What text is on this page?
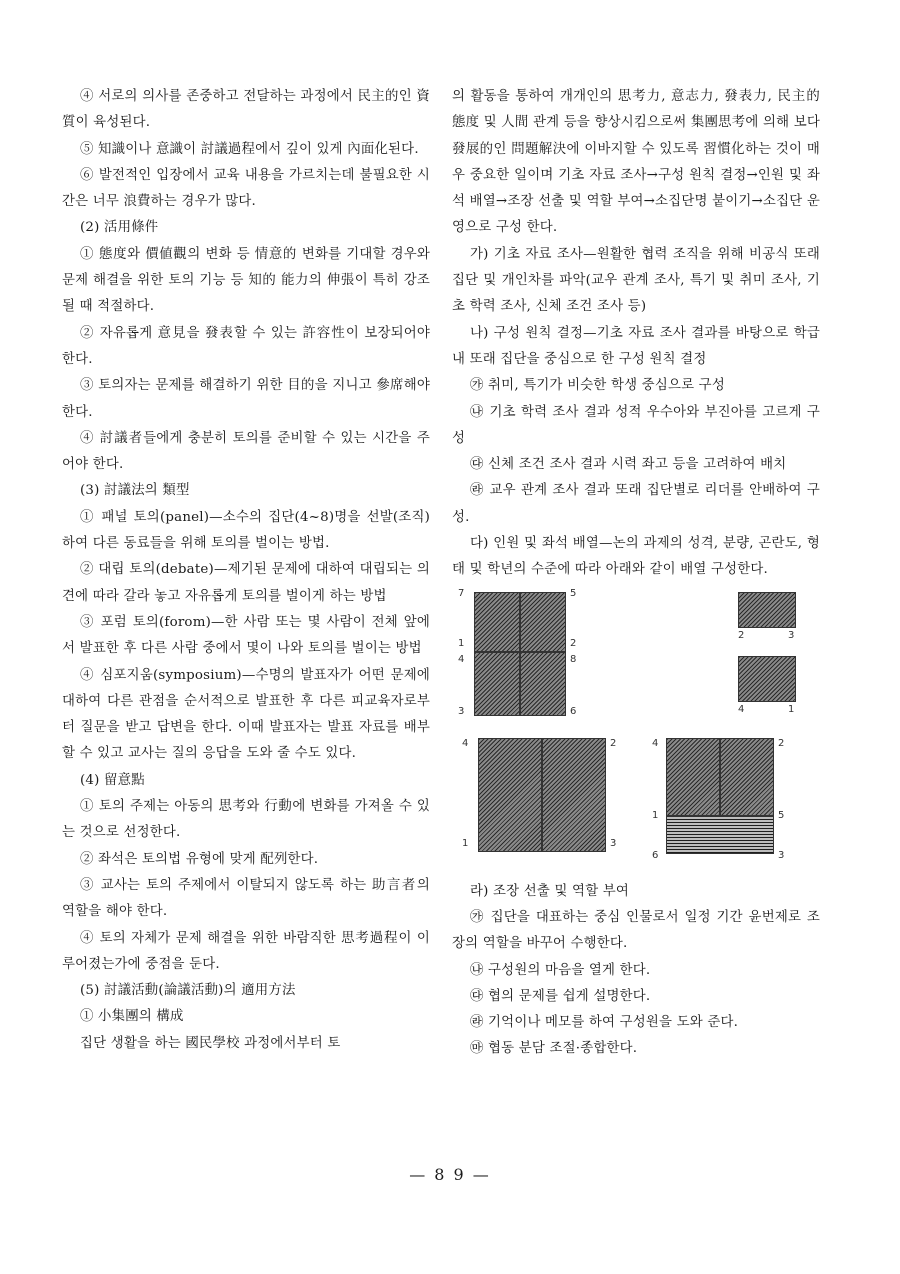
④ 서로의 의사를 존중하고 전달하는 과정에서 民主的인 資質이 육성된다.

⑤ 知識이나 意識이 討議過程에서 깊이 있게 內面化된다.

⑥ 발전적인 입장에서 교육 내용을 가르치는데 불필요한 시간은 너무 浪費하는 경우가 많다.

(2) 活用條件

① 態度와 價値觀의 변화 등 情意的 변화를 기대할 경우와 문제 해결을 위한 토의 기능 등 知的 能力의 伸張이 특히 강조될 때 적절하다.

② 자유롭게 意見을 發表할 수 있는 許容性이 보장되어야 한다.

③ 토의자는 문제를 해결하기 위한 目的을 지니고 參席해야 한다.

④ 討議者들에게 충분히 토의를 준비할 수 있는 시간을 주어야 한다.

(3) 討議法의 類型

① 패널 토의(panel)—소수의 집단(4~8)명을 선발(조직)하여 다른 동료들을 위해 토의를 벌이는 방법.

② 대립 토의(debate)—제기된 문제에 대하여 대립되는 의견에 따라 갈라 놓고 자유롭게 토의를 벌이게 하는 방법

③ 포럼 토의(forom)—한 사람 또는 몇 사람이 전체 앞에서 발표한 후 다른 사람 중에서 몇이 나와 토의를 벌이는 방법

④ 심포지움(symposium)—수명의 발표자가 어떤 문제에 대하여 다른 관점을 순서적으로 발표한 후 다른 피교육자로부터 질문을 받고 답변을 한다. 이때 발표자는 발표 자료를 배부할 수 있고 교사는 질의 응답을 도와 줄 수도 있다.

(4) 留意點

① 토의 주제는 아동의 思考와 行動에 변화를 가져올 수 있는 것으로 선정한다.

② 좌석은 토의법 유형에 맞게 配列한다.

③ 교사는 토의 주제에서 이탈되지 않도록 하는 助言者의 역할을 해야 한다.

④ 토의 자체가 문제 해결을 위한 바람직한 思考過程이 이루어졌는가에 중점을 둔다.

(5) 討議活動(論議活動)의 適用方法

① 小集團의 構成

집단 생활을 하는 國民學校 과정에서부터 토

의 활동을 통하여 개개인의 思考力, 意志力, 發表力, 民主的 態度 및 人間 관계 등을 향상시킴으로써 集團思考에 의해 보다 發展的인 問題解決에 이바지할 수 있도록 習慣化하는 것이 매우 중요한 일이며 기초 자료 조사→구성 원칙 결정→인원 및 좌석 배열→조장 선출 및 역할 부여→소집단명 붙이기→소집단 운영으로 구성 한다.

가) 기초 자료 조사—원활한 협력 조직을 위해 비공식 또래 집단 및 개인차를 파악(교우 관계 조사, 특기 및 취미 조사, 기초 학력 조사, 신체 조건 조사 등)

나) 구성 원칙 결정—기초 자료 조사 결과를 바탕으로 학급내 또래 집단을 중심으로 한 구성 원칙 결정

㉮ 취미, 특기가 비슷한 학생 중심으로 구성

㉯ 기초 학력 조사 결과 성적 우수아와 부진아를 고르게 구성

㉰ 신체 조건 조사 결과 시력 좌고 등을 고려하여 배치

㉱ 교우 관계 조사 결과 또래 집단별로 리더를 안배하여 구성.

다) 인원 및 좌석 배열—논의 과제의 성격, 분량, 곤란도, 형태 및 학년의 수준에 따라 아래와 같이 배열 구성한다.

7	5
1	2
4	8
3	6
2	3
4	1
4	2
1	3
4	2
1	5
6	3

라) 조장 선출 및 역할 부여

㉮ 집단을 대표하는 중심 인물로서 일정 기간 윤번제로 조장의 역할을 바꾸어 수행한다.

㉯ 구성원의 마음을 열게 한다.

㉰ 협의 문제를 쉽게 설명한다.

㉱ 기억이나 메모를 하여 구성원을 도와 준다.

㉲ 협동 분담 조절·종합한다.

— 8 9 —
